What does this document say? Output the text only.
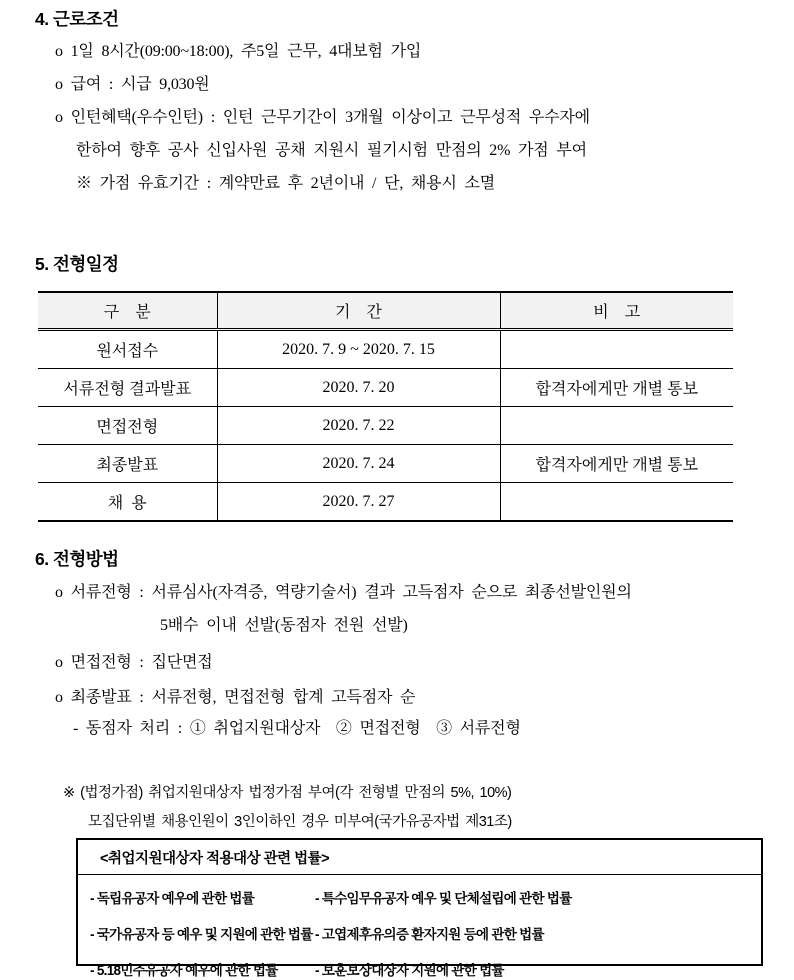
4. 근로조건
o 1일 8시간(09:00~18:00), 주5일 근무, 4대보험 가입
o 급여 : 시급 9,030원
o 인턴혜택(우수인턴) : 인턴 근무기간이 3개월 이상이고 근무성적 우수자에
한하여 향후 공사 신입사원 공채 지원시 필기시험 만점의 2% 가점 부여
※ 가점 유효기간 : 계약만료 후 2년이내 / 단, 채용시 소멸
5. 전형일정
구    분	기    간	비    고
원서접수	2020. 7. 9 ~ 2020. 7. 15	
서류전형 결과발표	2020. 7. 20	합격자에게만 개별 통보
면접전형	2020. 7. 22	
최종발표	2020. 7. 24	합격자에게만 개별 통보
채  용	2020. 7. 27	
6. 전형방법
o 서류전형 : 서류심사(자격증, 역량기술서) 결과 고득점자 순으로 최종선발인원의
5배수 이내 선발(동점자 전원 선발)
o 면접전형 : 집단면접
o 최종발표 : 서류전형, 면접전형 합계 고득점자 순
- 동점자 처리 : ① 취업지원대상자  ② 면접전형  ③ 서류전형
※ (법정가점) 취업지원대상자 법정가점 부여(각 전형별 만점의 5%, 10%)
모집단위별 채용인원이 3인이하인 경우 미부여(국가유공자법 제31조)
<취업지원대상자 적용대상 관련 법률>
- 독립유공자 예우에 관한 법률
- 국가유공자 등 예우 및 지원에 관한 법률
- 5.18민주유공자 예우에 관한 법률
- 특수임무유공자 예우 및 단체설립에 관한 법률
- 고엽제후유의증 환자지원 등에 관한 법률
- 보훈보상대상자 지원에 관한 법률
